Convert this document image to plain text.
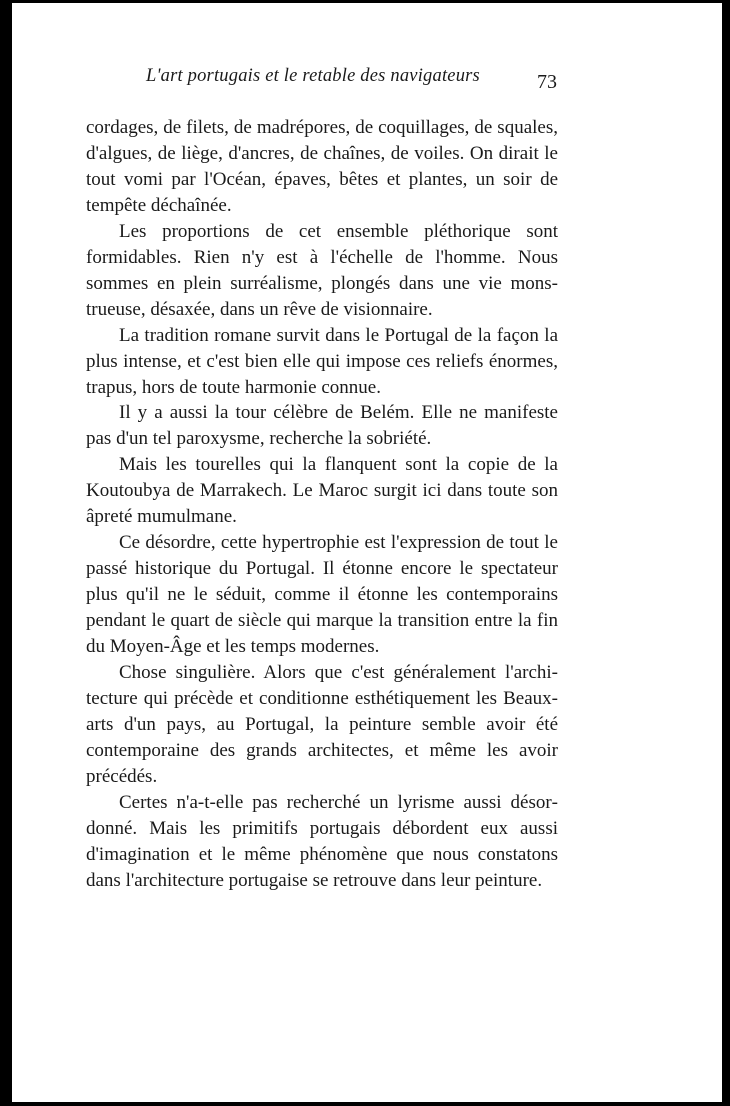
L'art portugais et le retable des navigateurs	73

cordages, de filets, de madrépores, de coquillages, de squales, d'algues, de liège, d'ancres, de chaînes, de voiles. On dirait le tout vomi par l'Océan, épaves, bêtes et plantes, un soir de tempête déchaînée.

Les proportions de cet ensemble pléthorique sont formidables. Rien n'y est à l'échelle de l'homme. Nous sommes en plein surréalisme, plongés dans une vie monstrueuse, désaxée, dans un rêve de visionnaire.

La tradition romane survit dans le Portugal de la façon la plus intense, et c'est bien elle qui impose ces reliefs énormes, trapus, hors de toute harmonie connue.

Il y a aussi la tour célèbre de Belém. Elle ne manifeste pas d'un tel paroxysme, recherche la sobriété.

Mais les tourelles qui la flanquent sont la copie de la Koutoubya de Marrakech. Le Maroc surgit ici dans toute son âpreté mumulmane.

Ce désordre, cette hypertrophie est l'expression de tout le passé historique du Portugal. Il étonne encore le spectateur plus qu'il ne le séduit, comme il étonne les contemporains pendant le quart de siècle qui marque la transition entre la fin du Moyen-Âge et les temps modernes.

Chose singulière. Alors que c'est généralement l'architecture qui précède et conditionne esthétiquement les Beaux-arts d'un pays, au Portugal, la peinture semble avoir été contemporaine des grands architectes, et même les avoir précédés.

Certes n'a-t-elle pas recherché un lyrisme aussi désordonné. Mais les primitifs portugais débordent eux aussi d'imagination et le même phénomène que nous constatons dans l'architecture portugaise se retrouve dans leur peinture.
